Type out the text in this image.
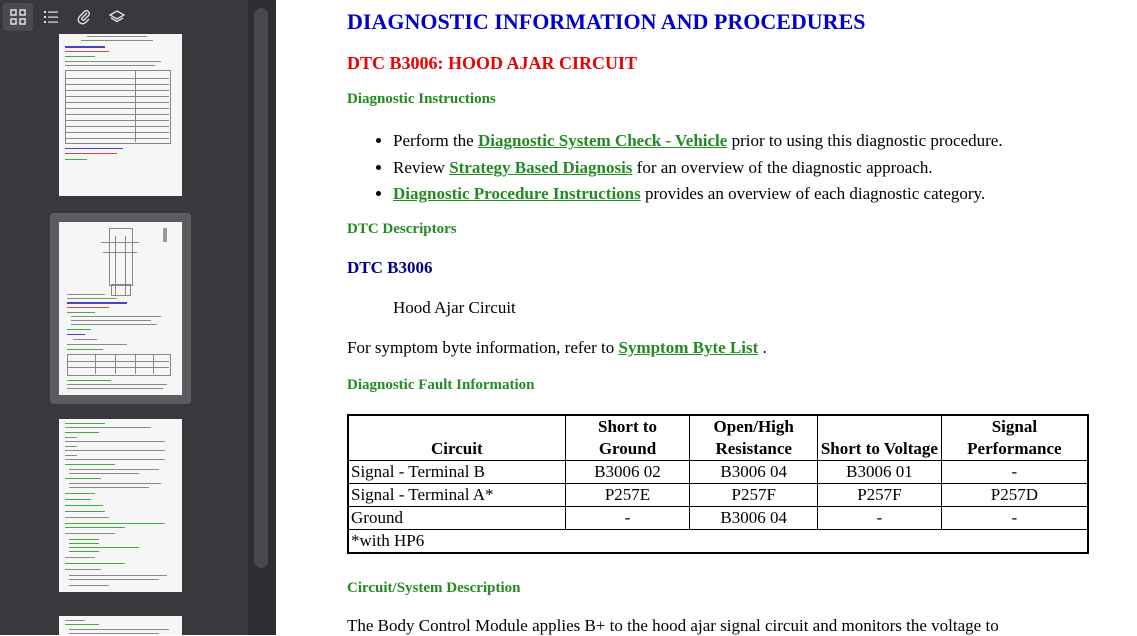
DIAGNOSTIC INFORMATION AND PROCEDURES
DTC B3006: HOOD AJAR CIRCUIT
Diagnostic Instructions
• Perform the Diagnostic System Check - Vehicle prior to using this diagnostic procedure.
• Review Strategy Based Diagnosis for an overview of the diagnostic approach.
• Diagnostic Procedure Instructions provides an overview of each diagnostic category.
DTC Descriptors
DTC B3006
Hood Ajar Circuit
For symptom byte information, refer to Symptom Byte List .
Diagnostic Fault Information
Circuit	Short to Ground	Open/High Resistance	Short to Voltage	Signal Performance
Signal - Terminal B	B3006 02	B3006 04	B3006 01	-
Signal - Terminal A*	P257E	P257F	P257F	P257D
Ground	-	B3006 04	-	-
*with HP6				
Circuit/System Description
The Body Control Module applies B+ to the hood ajar signal circuit and monitors the voltage to
